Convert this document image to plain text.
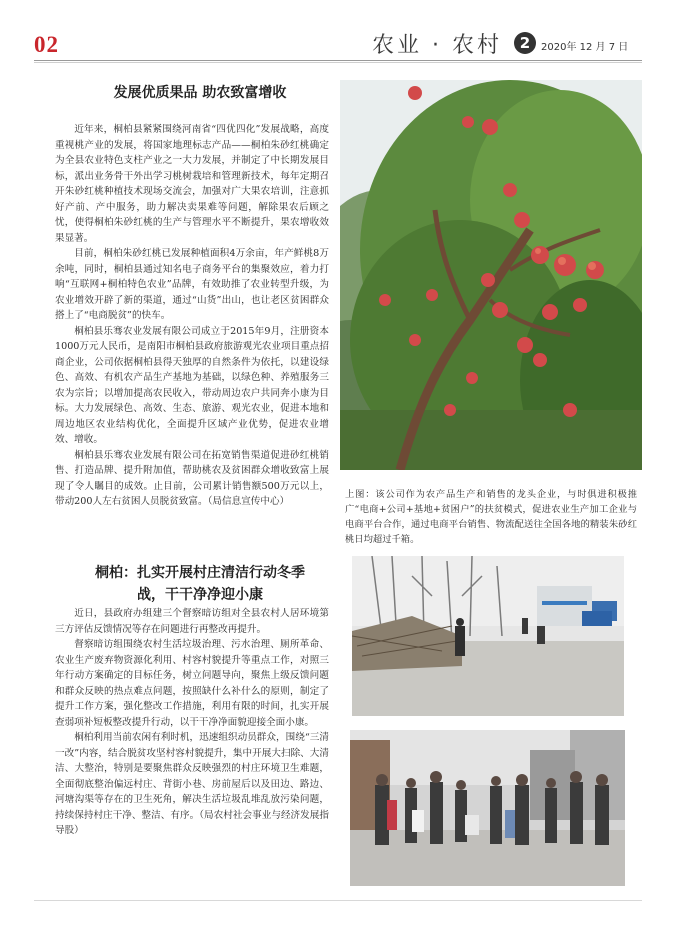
02	农业 · 农村	2	2020年 12 月 7 日
发展优质果品 助农致富增收

近年来，桐柏县紧紧围绕河南省“四优四化”发展战略，高度重视桃产业的发展，将国家地理标志产品——桐柏朱砂红桃确定为全县农业特色支柱产业之一大力发展，并制定了中长期发展目标，派出业务骨干外出学习桃树栽培和管理新技术，每年定期召开朱砂红桃种植技术现场交流会，加强对广大果农培训，注意抓好产前、产中服务，助力解决卖果难等问题，解除果农后顾之忧，使得桐柏朱砂红桃的生产与管理水平不断提升，果农增收效果显著。

目前，桐柏朱砂红桃已发展种植面积4万余亩，年产鲜桃8万余吨，同时，桐柏县通过知名电子商务平台的集聚效应，着力打响“互联网+桐柏特色农业”品牌，有效助推了农业转型升级，为农业增效开辟了新的渠道，通过“山货”出山，也让老区贫困群众搭上了“电商脱贫”的快车。

桐柏县乐骞农业发展有限公司成立于2015年9月，注册资本1000万元人民币，是南阳市桐柏县政府旅游观光农业项目重点招商企业，公司依据桐柏县得天独厚的自然条件为依托，以建设绿色、高效、有机农产品生产基地为基础，以绿色种、养殖服务三农为宗旨；以增加提高农民收入，带动周边农户共同奔小康为目标。大力发展绿色、高效、生态、旅游、观光农业，促进本地和周边地区农业结构优化，全面提升区域产业优势，促进农业增效、增收。

桐柏县乐骞农业发展有限公司在拓宽销售渠道促进砂红桃销售、打造品牌、提升附加值，帮助桃农及贫困群众增收致富上展现了令人瞩目的成效。止目前，公司累计销售额500万元以上，带动200人左右贫困人员脱贫致富。（局信息宣传中心）

上图：该公司作为农产品生产和销售的龙头企业，与时俱进积极推广“电商+公司+基地+贫困户”的扶贫模式，促进农业生产加工企业与电商平台合作，通过电商平台销售、物流配送往全国各地的精装朱砂红桃日均超过千箱。
桐柏：扎实开展村庄清洁行动冬季
战，干干净净迎小康

近日，县政府办组建三个督察暗访组对全县农村人居环境第三方评估反馈情况等存在问题进行再整改再提升。

督察暗访组围绕农村生活垃圾治理、污水治理、厕所革命、农业生产废弃物资源化利用、村容村貌提升等重点工作，对照三年行动方案确定的目标任务，树立问题导向，聚焦上级反馈问题和群众反映的热点难点问题，按照缺什么补什么的原则，制定了提升工作方案，强化整改工作措施，利用有限的时间，扎实开展查弱项补短板整改提升行动，以干干净净面貌迎接全面小康。

桐柏利用当前农闲有利时机，迅速组织动员群众，围绕“三清一改”内容，结合脱贫攻坚村容村貌提升，集中开展大扫除、大清洁、大整治，特别是要聚焦群众反映强烈的村庄环境卫生难题，全面彻底整治偏远村庄、背街小巷、房前屋后以及田边、路边、河塘沟渠等存在的卫生死角，解决生活垃圾乱堆乱放污染问题，持续保持村庄干净、整洁、有序。（局农村社会事业与经济发展指导股）
